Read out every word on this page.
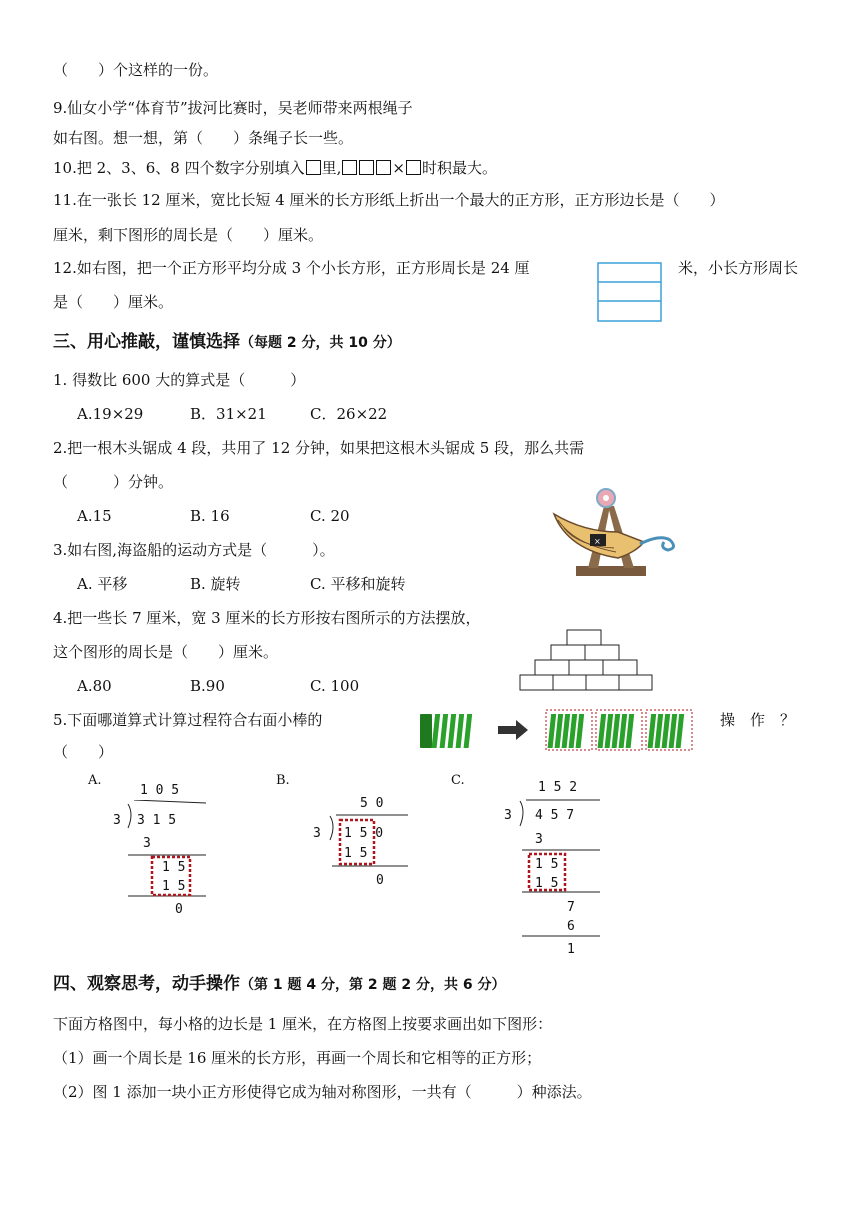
（　　）个这样的一份。
9.仙女小学“体育节”拔河比赛时，吴老师带来两根绳子
如右图。想一想，第（　　）条绳子长一些。
10.把 2、3、6、8 四个数字分别填入 里,	× 时积最大。
11.在一张长 12 厘米，宽比长短 4 厘米的长方形纸上折出一个最大的正方形，正方形边长是（　　）
厘米，剩下图形的周长是（　　）厘米。
12.如右图，把一个正方形平均分成 3 个小长方形，正方形周长是 24 厘	米，小长方形周长
是（　　）厘米。
三、用心推敲，谨慎选择（每题 2 分，共 10 分）
1. 得数比 600 大的算式是（　　　）
A.19×29	B．31×21	C．26×22
2.把一根木头锯成 4 段，共用了 12 分钟，如果把这根木头锯成 5 段，那么共需
（　　　）分钟。
A.15	B. 16	C. 20
3.如右图,海盗船的运动方式是（　　　）。
A. 平移	B. 旋转	C. 平移和旋转
×
4.把一些长 7 厘米，宽 3 厘米的长方形按右图所示的方法摆放，
这个图形的周长是（　　）厘米。
A.80	B.90	C. 100
5.下面哪道算式计算过程符合右面小棒的	操　作　？
（　　）
A.
1 0 5
3 3 1 5
3
1 5
1 5
0
B.
5 0
3 1 5 0
1 5
0
C.	1 5 2
3 4 5 7
3
1 5
1 5
7
6
1
四、观察思考，动手操作（第 1 题 4 分，第 2 题 2 分，共 6 分）
下面方格图中，每小格的边长是 1 厘米，在方格图上按要求画出如下图形：
（1）画一个周长是 16 厘米的长方形，再画一个周长和它相等的正方形；
（2）图 1 添加一块小正方形使得它成为轴对称图形，一共有（　　　）种添法。
